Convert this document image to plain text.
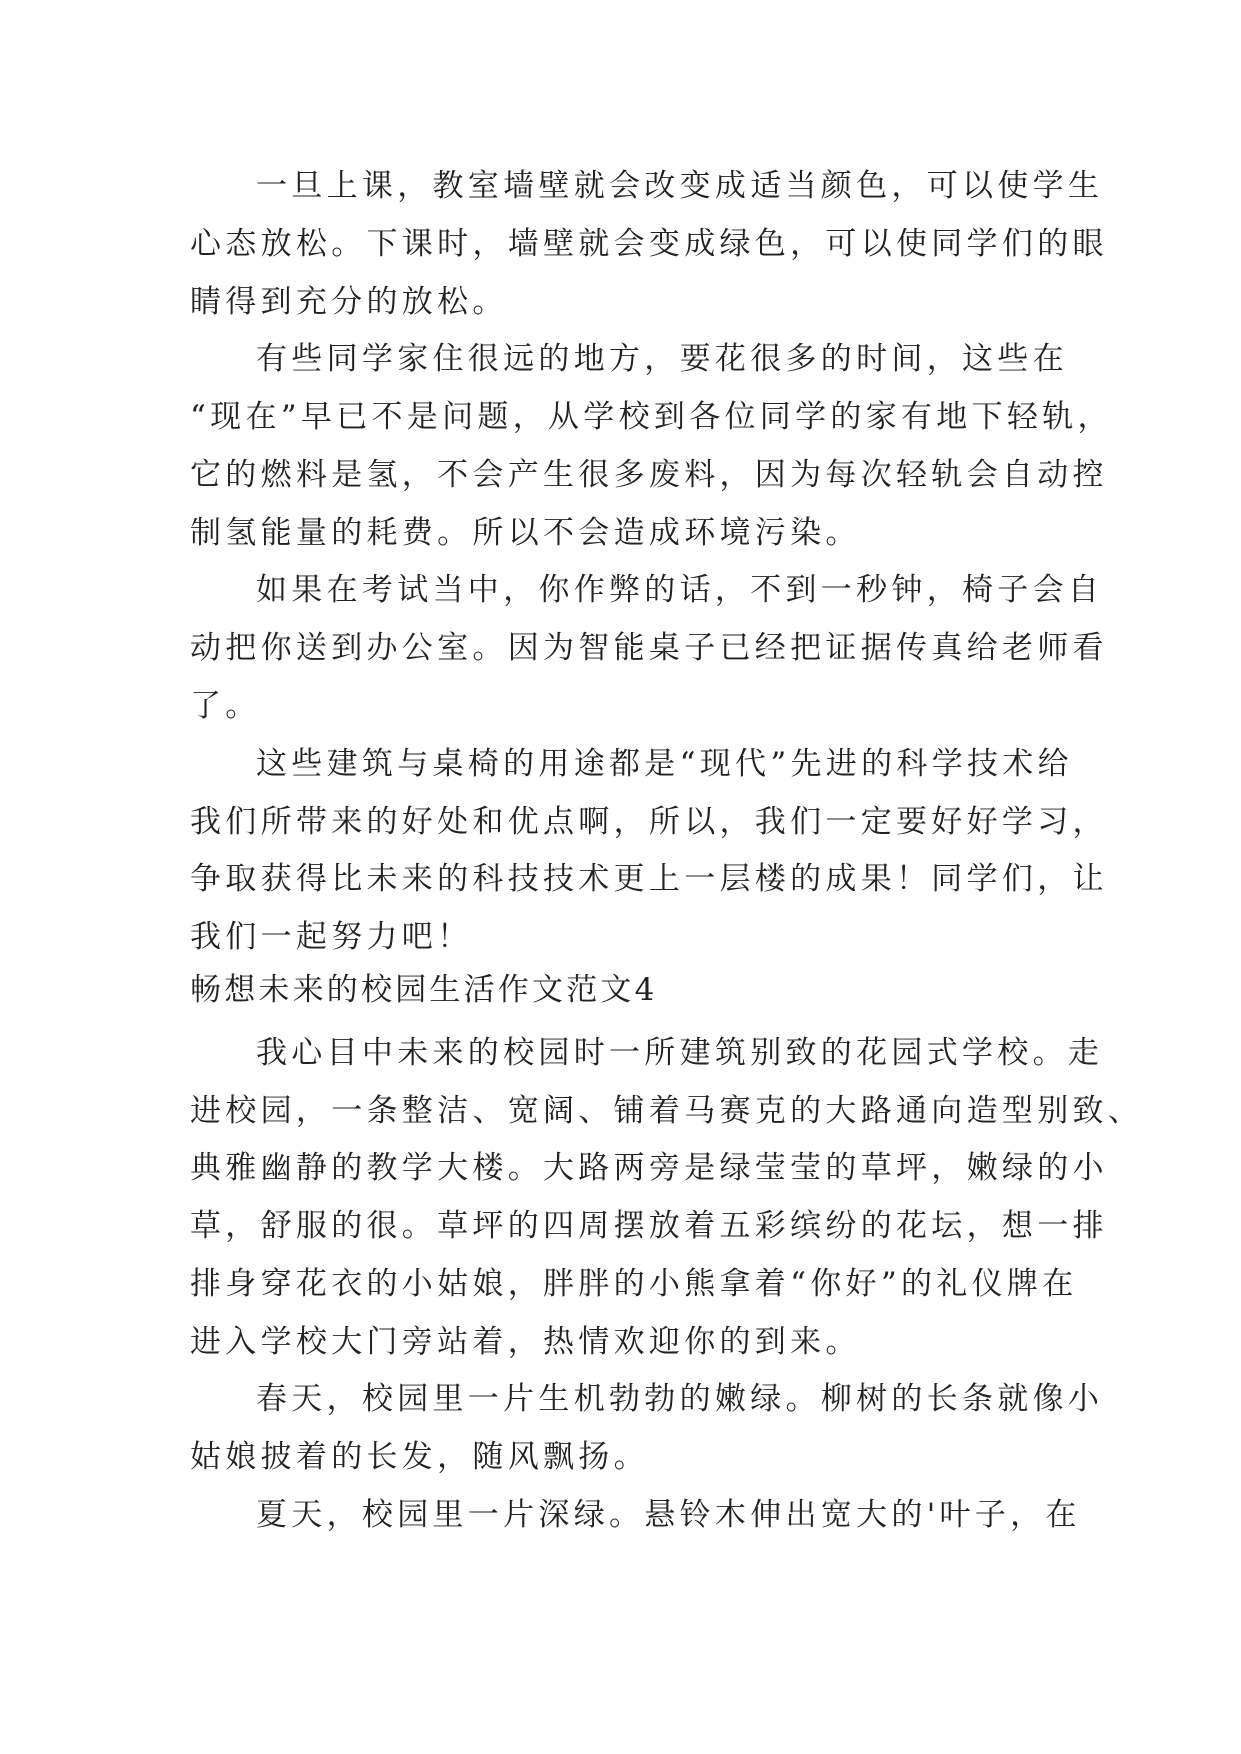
一旦上课，教室墙壁就会改变成适当颜色，可以使学生
心态放松。下课时，墙壁就会变成绿色，可以使同学们的眼
睛得到充分的放松。
有些同学家住很远的地方，要花很多的时间，这些在
“现在”早已不是问题，从学校到各位同学的家有地下轻轨，
它的燃料是氢，不会产生很多废料，因为每次轻轨会自动控
制氢能量的耗费。所以不会造成环境污染。
如果在考试当中，你作弊的话，不到一秒钟，椅子会自
动把你送到办公室。因为智能桌子已经把证据传真给老师看
了。
这些建筑与桌椅的用途都是“现代”先进的科学技术给
我们所带来的好处和优点啊，所以，我们一定要好好学习，
争取获得比未来的科技技术更上一层楼的成果！同学们，让
我们一起努力吧！
畅想未来的校园生活作文范文4
我心目中未来的校园时一所建筑别致的花园式学校。走
进校园，一条整洁、宽阔、铺着马赛克的大路通向造型别致、
典雅幽静的教学大楼。大路两旁是绿莹莹的草坪，嫩绿的小
草，舒服的很。草坪的四周摆放着五彩缤纷的花坛，想一排
排身穿花衣的小姑娘，胖胖的小熊拿着“你好”的礼仪牌在
进入学校大门旁站着，热情欢迎你的到来。
春天，校园里一片生机勃勃的嫩绿。柳树的长条就像小
姑娘披着的长发，随风飘扬。
夏天，校园里一片深绿。悬铃木伸出宽大的'叶子，在
